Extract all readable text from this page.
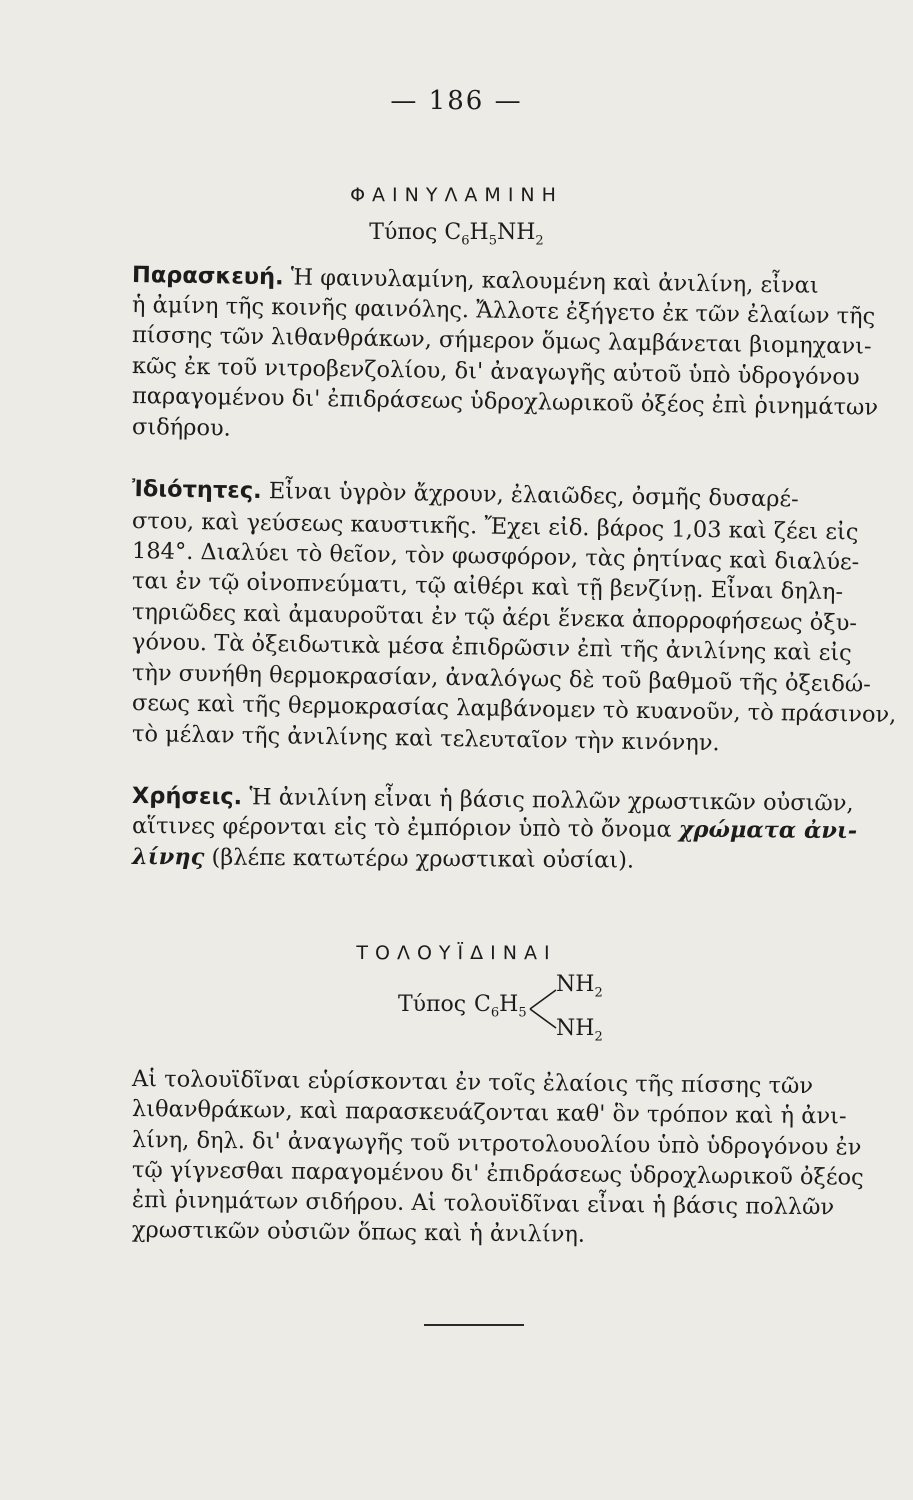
— 186 —
ΦΑΙΝΥΛΑΜΙΝΗ
Τύπος $C_6H_5NH_2$
Παρασκευή. Ἡ φαινυλαμίνη, καλουμένη καὶ ἀνιλίνη, εἶναι
ἡ ἀμίνη τῆς κοινῆς φαινόλης. Ἄλλοτε ἐξήγετο ἐκ τῶν ἐλαίων τῆς
πίσσης τῶν λιθανθράκων, σήμερον ὅμως λαμβάνεται βιομηχανι-
κῶς ἐκ τοῦ νιτροβενζολίου, δι' ἀναγωγῆς αὐτοῦ ὑπὸ ὑδρογόνου
παραγομένου δι' ἐπιδράσεως ὑδροχλωρικοῦ ὀξέος ἐπὶ ῥινημάτων
σιδήρου.
Ἰδιότητες. Εἶναι ὑγρὸν ἄχρουν, ἐλαιῶδες, ὀσμῆς δυσαρέ-
στου, καὶ γεύσεως καυστικῆς. Ἔχει εἰδ. βάρος 1,03 καὶ ζέει εἰς
184°. Διαλύει τὸ θεῖον, τὸν φωσφόρον, τὰς ῥητίνας καὶ διαλύε-
ται ἐν τῷ οἰνοπνεύματι, τῷ αἰθέρι καὶ τῇ βενζίνῃ. Εἶναι δηλη-
τηριῶδες καὶ ἀμαυροῦται ἐν τῷ ἀέρι ἕνεκα ἀπορροφήσεως ὀξυ-
γόνου. Τὰ ὀξειδωτικὰ μέσα ἐπιδρῶσιν ἐπὶ τῆς ἀνιλίνης καὶ εἰς
τὴν συνήθη θερμοκρασίαν, ἀναλόγως δὲ τοῦ βαθμοῦ τῆς ὀξειδώ-
σεως καὶ τῆς θερμοκρασίας λαμβάνομεν τὸ κυανοῦν, τὸ πράσινον,
τὸ μέλαν τῆς ἀνιλίνης καὶ τελευταῖον τὴν κινόνην.
Χρήσεις. Ἡ ἀνιλίνη εἶναι ἡ βάσις πολλῶν χρωστικῶν οὐσιῶν,
αἵτινες φέρονται εἰς τὸ ἐμπόριον ὑπὸ τὸ ὄνομα χρώματα ἀνι-
λίνης (βλέπε κατωτέρω χρωστικαὶ οὐσίαι).
Αἱ τολουϊδῖναι εὑρίσκονται ἐν τοῖς ἐλαίοις τῆς πίσσης τῶν
λιθανθράκων, καὶ παρασκευάζονται καθ' ὃν τρόπον καὶ ἡ ἀνι-
λίνη, δηλ. δι' ἀναγωγῆς τοῦ νιτροτολουολίου ὑπὸ ὑδρογόνου ἐν
τῷ γίγνεσθαι παραγομένου δι' ἐπιδράσεως ὑδροχλωρικοῦ ὀξέος
ἐπὶ ῥινημάτων σιδήρου. Αἱ τολουϊδῖναι εἶναι ἡ βάσις πολλῶν
χρωστικῶν οὐσιῶν ὅπως καὶ ἡ ἀνιλίνη.
ΤΟΛΟΥΪΔΙΝΑΙ
Τύπος $C_6H_5$
$NH_2$
$NH_2$
